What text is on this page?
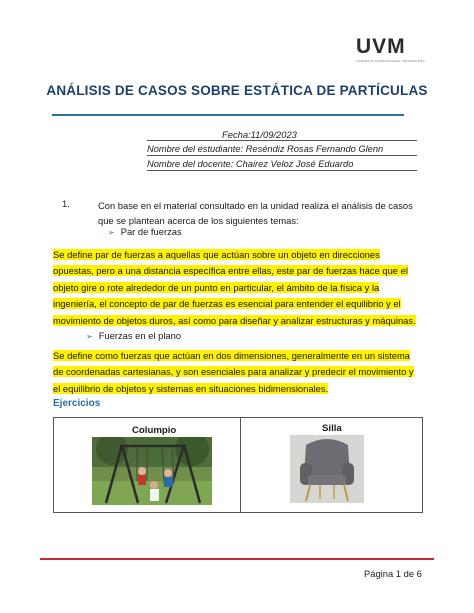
UVM
LAUREATE INTERNATIONAL UNIVERSITIES
ANÁLISIS DE CASOS SOBRE ESTÁTICA DE PARTÍCULAS
Fecha:11/09/2023
Nombre del estudiante: Reséndiz Rosas Fernando Glenn
Nombre del docente: Chairez Veloz José Eduardo
1.	Con base en el material consultado en la unidad realiza el análisis de casos que se plantean acerca de los siguientes temas:
➢ Par de fuerzas
Se define par de fuerzas a aquellas que actúan sobre un objeto en direcciones opuestas, pero a una distancia específica entre ellas, este par de fuerzas hace que el objeto gire o rote alrededor de un punto en particular, el ámbito de la física y la ingeniería, el concepto de par de fuerzas es esencial para entender el equilibrio y el movimiento de objetos duros, así como para diseñar y analizar estructuras y máquinas.
➢ Fuerzas en el plano
Se define como fuerzas que actúan en dos dimensiones, generalmente en un sistema de coordenadas cartesianas, y son esenciales para analizar y predecir el movimiento y el equilibrio de objetos y sistemas en situaciones bidimensionales.
Ejercicios
Columpio	Silla
Página 1 de 6
